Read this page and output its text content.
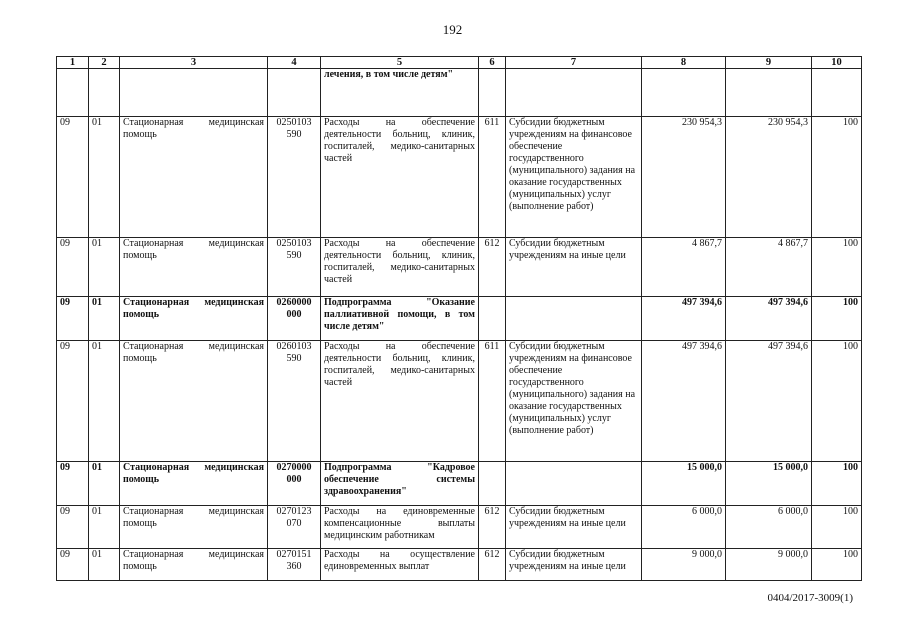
192
1	2	3	4	5	6	7	8	9	10
				лечения, в том числе детям"					
09	01	Стационарная медицинская помощь	0250103 590	Расходы на обеспечение деятельности больниц, клиник, госпиталей, медико-санитарных частей	611	Субсидии бюджетным учреждениям на финансовое обеспечение государственного (муниципального) задания на оказание государственных (муниципальных) услуг (выполнение работ)	230 954,3	230 954,3	100
09	01	Стационарная медицинская помощь	0250103 590	Расходы на обеспечение деятельности больниц, клиник, госпиталей, медико-санитарных частей	612	Субсидии бюджетным учреждениям на иные цели	4 867,7	4 867,7	100
09	01	Стационарная медицинская помощь	0260000 000	Подпрограмма "Оказание паллиативной помощи, в том числе детям"			497 394,6	497 394,6	100
09	01	Стационарная медицинская помощь	0260103 590	Расходы на обеспечение деятельности больниц, клиник, госпиталей, медико-санитарных частей	611	Субсидии бюджетным учреждениям на финансовое обеспечение государственного (муниципального) задания на оказание государственных (муниципальных) услуг (выполнение работ)	497 394,6	497 394,6	100
09	01	Стационарная медицинская помощь	0270000 000	Подпрограмма "Кадровое обеспечение системы здравоохранения"			15 000,0	15 000,0	100
09	01	Стационарная медицинская помощь	0270123 070	Расходы на единовременные компенсационные выплаты медицинским работникам	612	Субсидии бюджетным учреждениям на иные цели	6 000,0	6 000,0	100
09	01	Стационарная медицинская помощь	0270151 360	Расходы на осуществление единовременных выплат	612	Субсидии бюджетным учреждениям на иные цели	9 000,0	9 000,0	100
0404/2017-3009(1)
